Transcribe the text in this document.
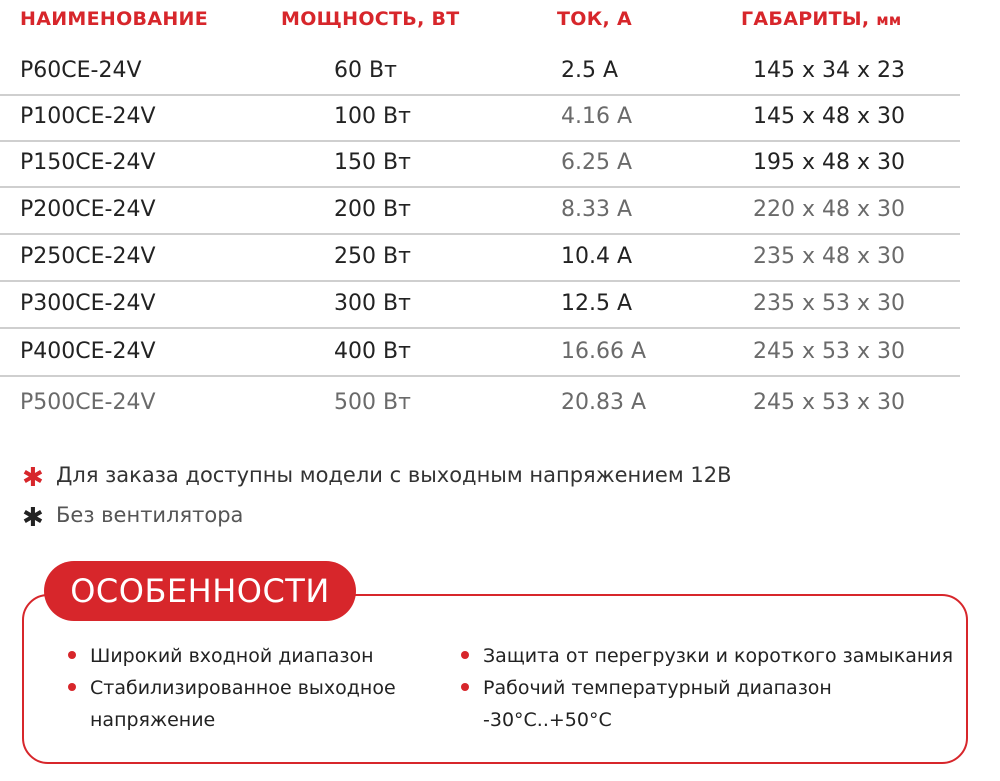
НАИМЕНОВАНИЕ	МОЩНОСТЬ, ВТ	ТОК, А	ГАБАРИТЫ, мм
P60CE-24V	60 Вт	2.5 A	145 x 34 x 23
P100CE-24V	100 Вт	4.16 A	145 x 48 x 30
P150CE-24V	150 Вт	6.25 A	195 x 48 x 30
P200CE-24V	200 Вт	8.33 A	220 x 48 x 30
P250CE-24V	250 Вт	10.4 A	235 x 48 x 30
P300CE-24V	300 Вт	12.5 A	235 x 53 x 30
P400CE-24V	400 Вт	16.66 A	245 x 53 x 30
P500CE-24V	500 Вт	20.83 A	245 x 53 x 30
✱ Для заказа доступны модели с выходным напряжением 12В
✱ Без вентилятора
ОСОБЕННОСТИ
Широкий входной диапазон
Стабилизированное выходное
напряжение
Защита от перегрузки и короткого замыкания
Рабочий температурный диапазон
-30°C..+50°C
